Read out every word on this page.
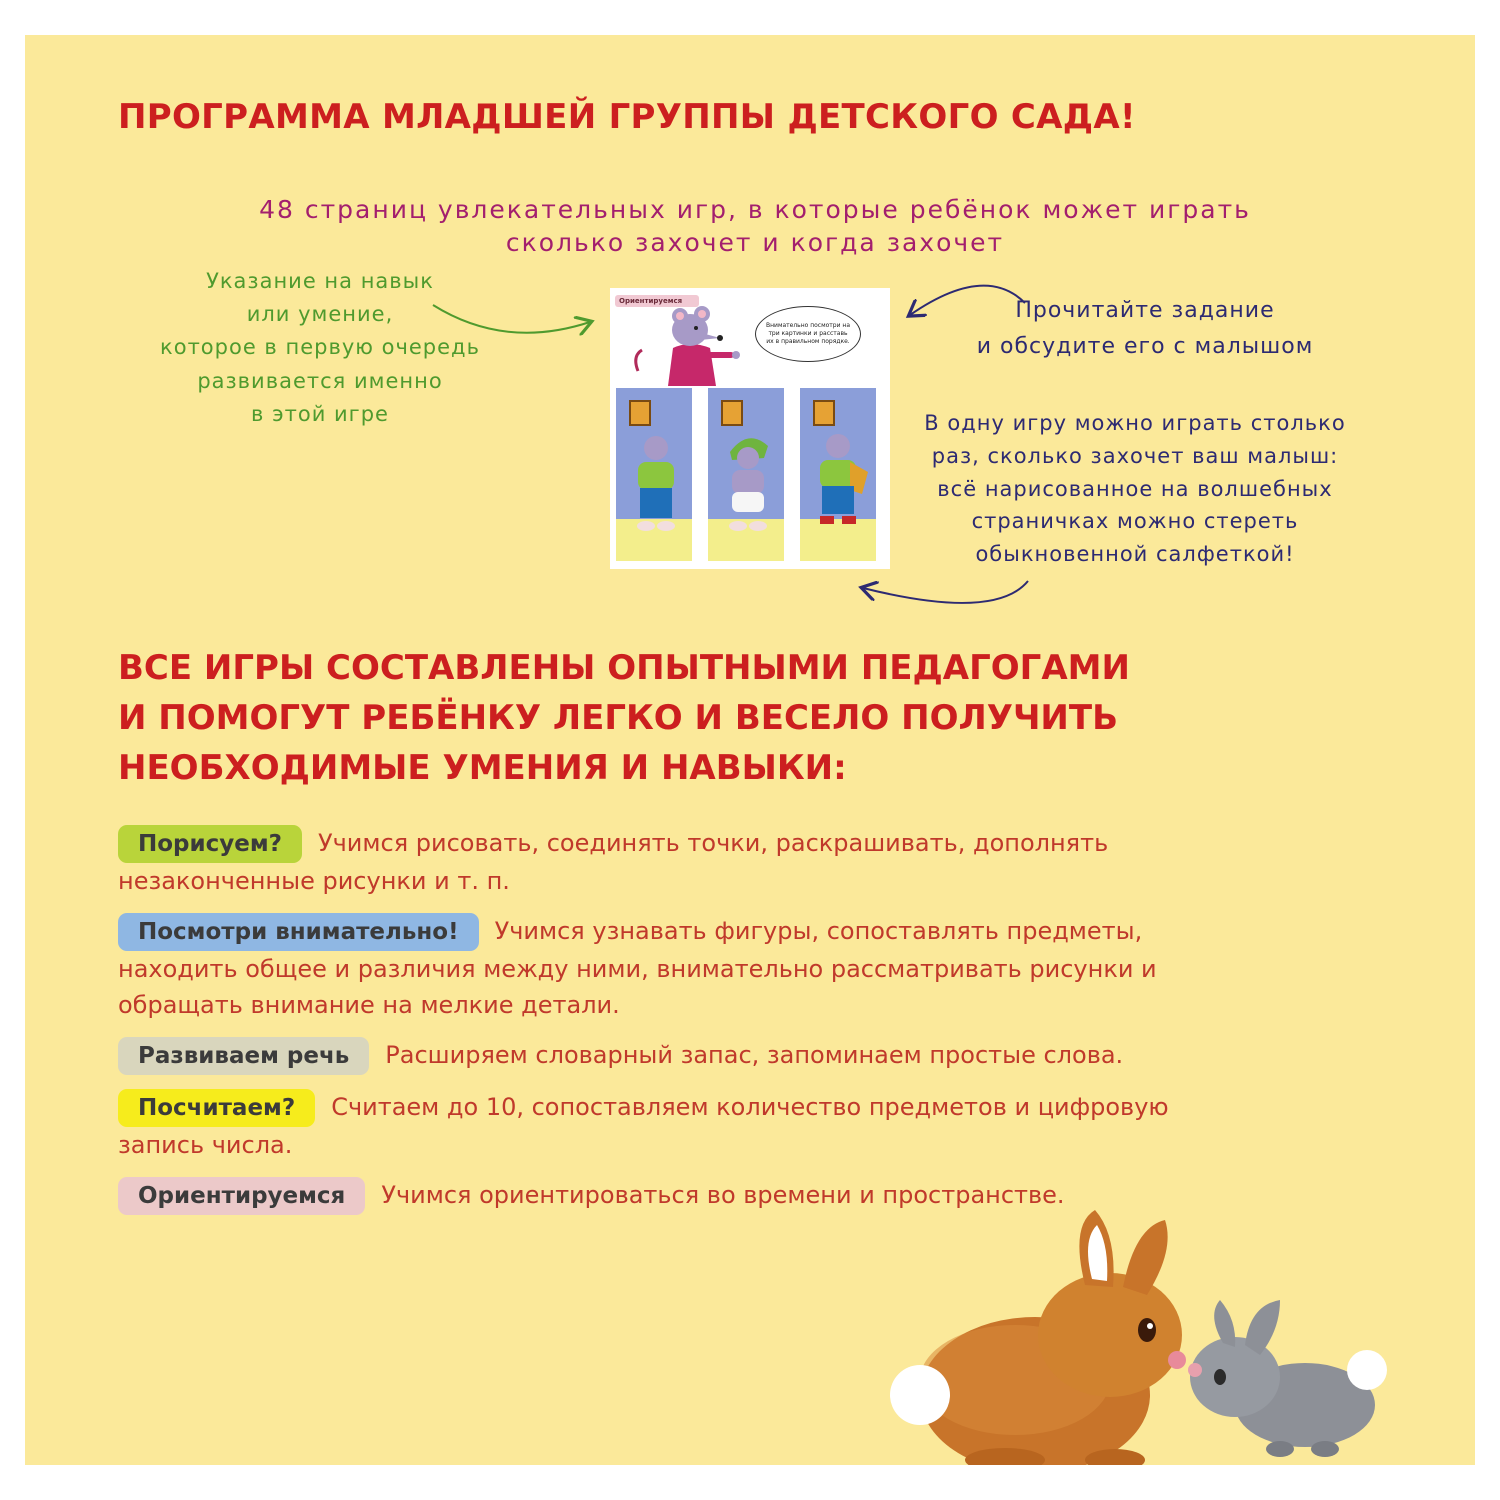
ПРОГРАММА МЛАДШЕЙ ГРУППЫ ДЕТСКОГО САДА!
48 страниц увлекательных игр, в которые ребёнок может играть
сколько захочет и когда захочет
Указание на навык
или умение,
которое в первую очередь
развивается именно
в этой игре
Прочитайте задание
и обсудите его с малышом
В одну игру можно играть столько
раз, сколько захочет ваш малыш:
всё нарисованное на волшебных
страничках можно стереть
обыкновенной салфеткой!
Ориентируемся
Внимательно посмотри на три картинки и расставь их в правильном порядке.
ВСЕ ИГРЫ СОСТАВЛЕНЫ ОПЫТНЫМИ ПЕДАГОГАМИ
И ПОМОГУТ РЕБЁНКУ ЛЕГКО И ВЕСЕЛО ПОЛУЧИТЬ
НЕОБХОДИМЫЕ УМЕНИЯ И НАВЫКИ:
Порисуем? Учимся рисовать, соединять точки, раскрашивать, дополнять незаконченные рисунки и т. п.
Посмотри внимательно! Учимся узнавать фигуры, сопоставлять предметы, находить общее и различия между ними, внимательно рассматривать рисунки и обращать внимание на мелкие детали.
Развиваем речь Расширяем словарный запас, запоминаем простые слова.
Посчитаем? Считаем до 10, сопоставляем количество предметов и цифровую запись числа.
Ориентируемся Учимся ориентироваться во времени и пространстве.
